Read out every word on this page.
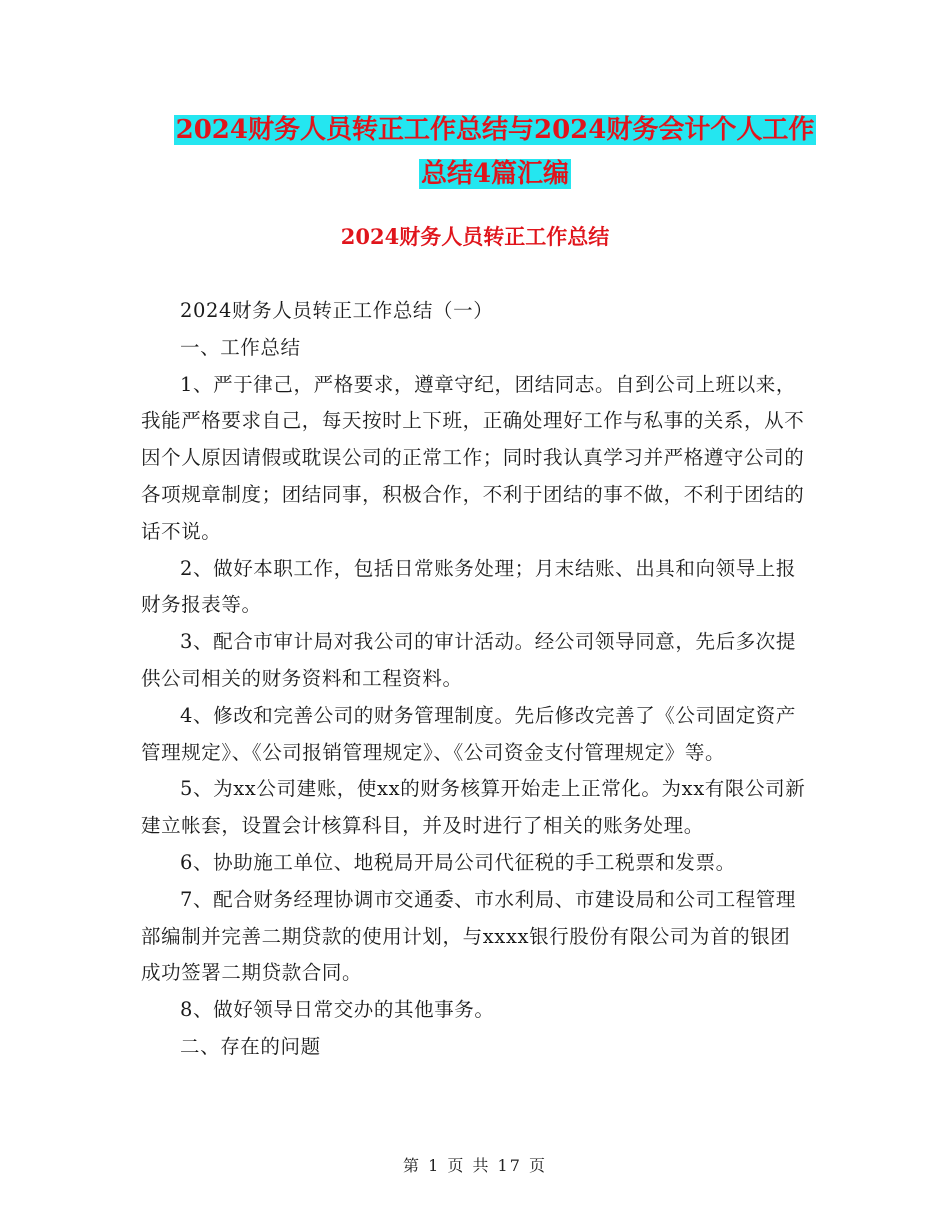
2024财务人员转正工作总结与2024财务会计个人工作
总结4篇汇编
2024财务人员转正工作总结

2024财务人员转正工作总结（一）

一、工作总结

1、严于律己，严格要求，遵章守纪，团结同志。自到公司上班以来，我能严格要求自己，每天按时上下班，正确处理好工作与私事的关系，从不因个人原因请假或耽误公司的正常工作；同时我认真学习并严格遵守公司的各项规章制度；团结同事，积极合作，不利于团结的事不做，不利于团结的话不说。

2、做好本职工作，包括日常账务处理；月末结账、出具和向领导上报财务报表等。

3、配合市审计局对我公司的审计活动。经公司领导同意，先后多次提供公司相关的财务资料和工程资料。

4、修改和完善公司的财务管理制度。先后修改完善了《公司固定资产管理规定》、《公司报销管理规定》、《公司资金支付管理规定》等。

5、为xx公司建账，使xx的财务核算开始走上正常化。为xx有限公司新建立帐套，设置会计核算科目，并及时进行了相关的账务处理。

6、协助施工单位、地税局开局公司代征税的手工税票和发票。

7、配合财务经理协调市交通委、市水利局、市建设局和公司工程管理部编制并完善二期贷款的使用计划，与xxxx银行股份有限公司为首的银团成功签署二期贷款合同。

8、做好领导日常交办的其他事务。

二、存在的问题

第 1 页 共 17 页
